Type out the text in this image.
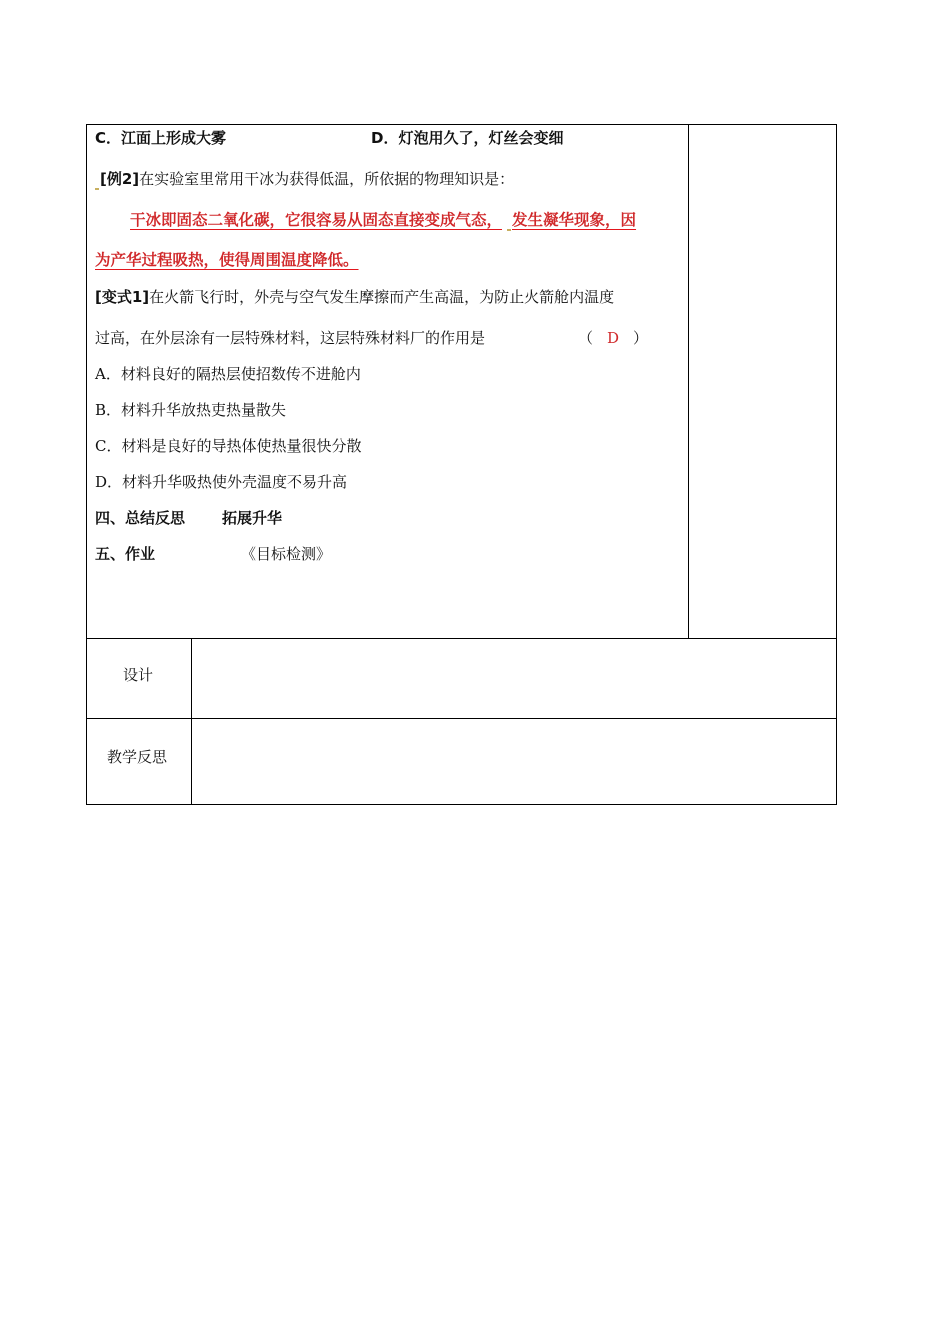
C．江面上形成大雾	D．灯泡用久了，灯丝会变细
[例2]在实验室里常用干冰为获得低温，所依据的物理知识是：
干冰即固态二氧化碳，它很容易从固态直接变成气态， 发生凝华现象，因
为产华过程吸热，使得周围温度降低。
[变式1]在火箭飞行时，外壳与空气发生摩擦而产生高温，为防止火箭舱内温度
过高，在外层涂有一层特殊材料，这层特殊材料厂的作用是	（ D ）
A．材料良好的隔热层使招数传不进舱内
B．材料升华放热吏热量散失
C．材料是良好的导热体使热量很快分散
D．材料升华吸热使外壳温度不易升高
四、总结反思 拓展升华
五、作业	《目标检测》
设计
教学反思
